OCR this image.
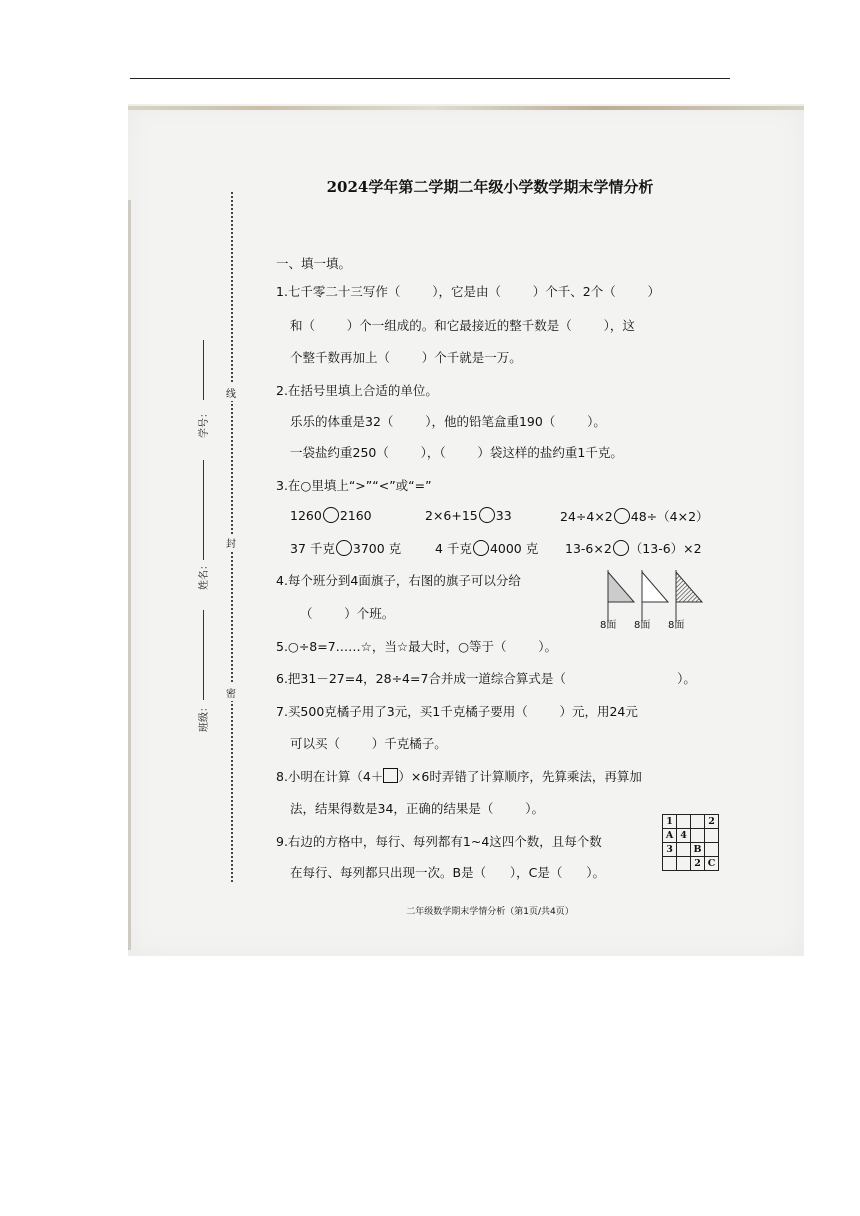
线
封
密
学号：
姓名：
班级：
2024学年第二学期二年级小学数学期末学情分析
一、填一填。
1.七千零二十三写作（        ），它是由（        ）个千、2个（        ）
和（        ）个一组成的。和它最接近的整千数是（        ），这
个整千数再加上（        ）个千就是一万。
2.在括号里填上合适的单位。
乐乐的体重是32（        ），他的铅笔盒重190（        ）。
一袋盐约重250（        ），（        ）袋这样的盐约重1千克。
3.在○里填上“>”“<”或“=”
1260 2160	2×6+15 33	24÷4×2 48÷（4×2）
37 千克 3700 克	4 千克 4000 克 13-6×2 （13-6）×2
4.每个班分到4面旗子，右图的旗子可以分给
（        ）个班。
8面 8面 8面
5.○÷8=7……☆，当☆最大时，○等于（        ）。
6.把31－27=4，28÷4=7合并成一道综合算式是（                            ）。
7.买500克橘子用了3元，买1千克橘子要用（        ）元，用24元
可以买（        ）千克橘子。
8.小明在计算（4＋ ）×6时弄错了计算顺序，先算乘法，再算加
法，结果得数是34，正确的结果是（        ）。
9.右边的方格中，每行、每列都有1~4这四个数，且每个数
在每行、每列都只出现一次。B是（      ），C是（      ）。
1			2
A	4		
3		B	
		2	C
二年级数学期末学情分析（第1页/共4页）
